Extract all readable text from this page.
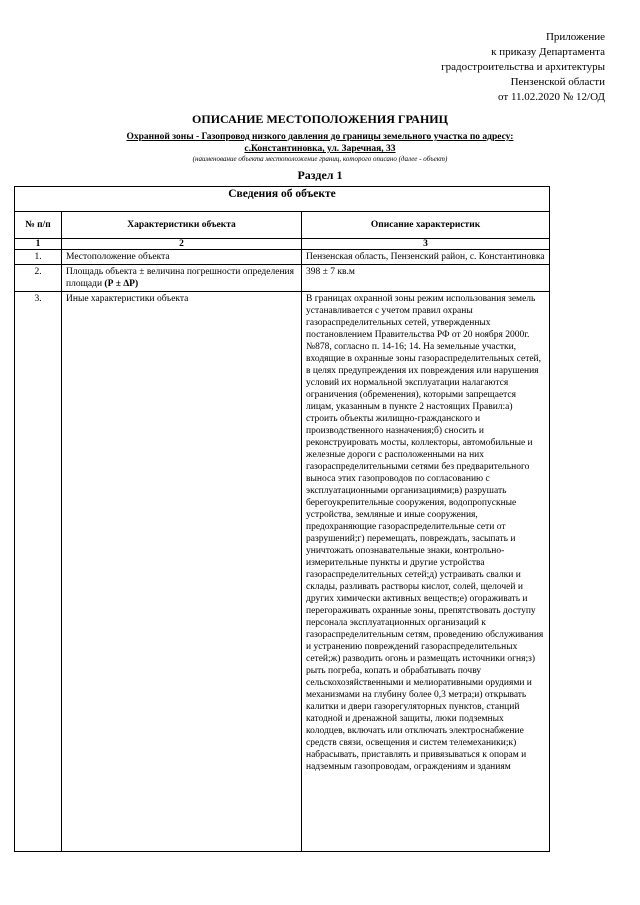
Приложение
к приказу Департамента
градостроительства и архитектуры
Пензенской области
от 11.02.2020 № 12/ОД
ОПИСАНИЕ МЕСТОПОЛОЖЕНИЯ ГРАНИЦ
Охранной зоны - Газопровод низкого давления до границы земельного участка по адресу:
с.Константиновка, ул. Заречная, 33
(наименование объекта местоположение границ, которого описано (далее - объект)
Раздел 1
Сведения об объекте		
№ п/п	Характеристики объекта	Описание характеристик
1	2	3
1.	Местоположение объекта	Пензенская область, Пензенский район, с. Константиновка
2.	Площадь объекта ± величина погрешности определения площади (Р ± ∆Р)	398 ± 7 кв.м
3.	Иные характеристики объекта	В границах охранной зоны режим использования земель устанавливается с учетом правил охраны газораспределительных сетей, утвержденных постановлением Правительства РФ от 20 ноября 2000г. №878, согласно п. 14-16; 14. На земельные участки, входящие в охранные зоны газораспределительных сетей, в целях предупреждения их повреждения или нарушения условий их нормальной эксплуатации налагаются ограничения (обременения), которыми запрещается лицам, указанным в пункте 2 настоящих Правил:а) строить объекты жилищно-гражданского и производственного назначения;б) сносить и реконструировать мосты, коллекторы, автомобильные и железные дороги с расположенными на них газораспределительными сетями без предварительного выноса этих газопроводов по согласованию с эксплуатационными организациями;в) разрушать берегоукрепительные сооружения, водопропускные устройства, земляные и иные сооружения, предохраняющие газораспределительные сети от разрушений;г) перемещать, повреждать, засыпать и уничтожать опознавательные знаки, контрольно-измерительные пункты и другие устройства газораспределительных сетей;д) устраивать свалки и склады, разливать растворы кислот, солей, щелочей и других химически активных веществ;е) огораживать и перегораживать охранные зоны, препятствовать доступу персонала эксплуатационных организаций к газораспределительным сетям, проведению обслуживания и устранению повреждений газораспределительных сетей;ж) разводить огонь и размещать источники огня;з) рыть погреба, копать и обрабатывать почву сельскохозяйственными и мелиоративными орудиями и механизмами на глубину более 0,3 метра;и) открывать калитки и двери газорегуляторных пунктов, станций катодной и дренажной защиты, люки подземных колодцев, включать или отключать электроснабжение средств связи, освещения и систем телемеханики;к) набрасывать, приставлять и привязываться к опорам и надземным газопроводам, ограждениям и зданиям
